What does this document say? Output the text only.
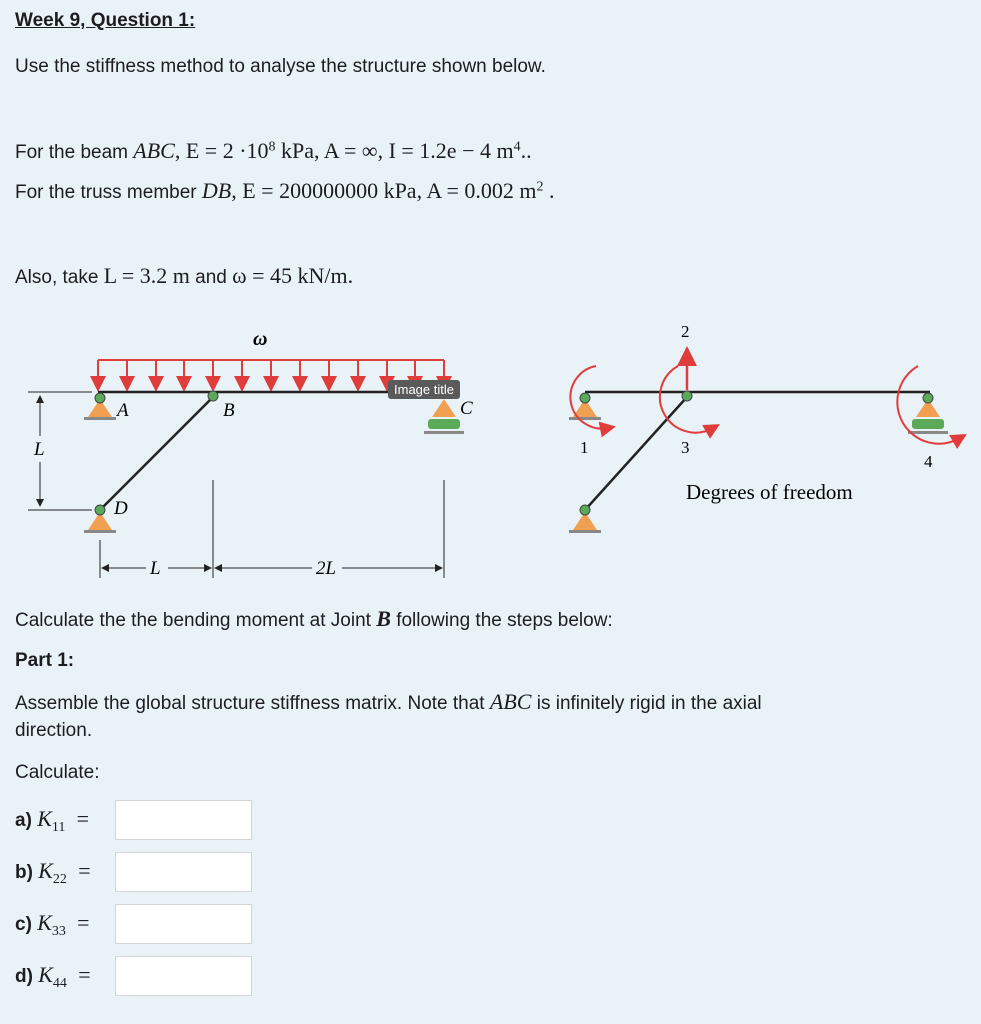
Week 9, Question 1:
Use the stiffness method to analyse the structure shown below.
For the beam ABC, $E = 2 \cdot 10^8$ kPa, A = ∞, I = 1.2e − 4 $m^4$..
For the truss member DB, E = 200000000 kPa, A = 0.002 $m^2$ .
Also, take L = 3.2 m and ω = 45 kN/m.
ω
A	B	C
D
L
L	2L
1
2
3
4
Degrees of freedom
Image title
Calculate the the bending moment at Joint B following the steps below:
Part 1:
Assemble the global structure stiffness matrix. Note that ABC is infinitely rigid in the axial
direction.
Calculate:
a) $K_{11}$ =
b) $K_{22}$ =
c) $K_{33}$ =
d) $K_{44}$ =
